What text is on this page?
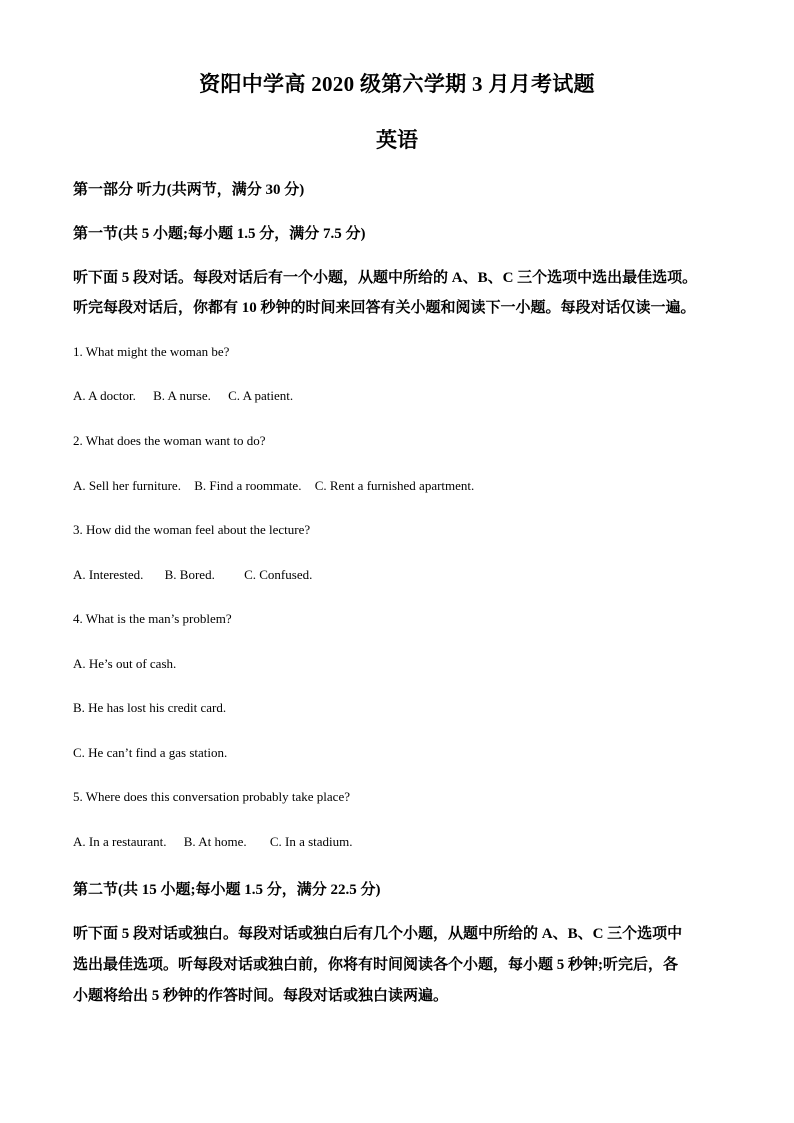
资阳中学高 2020 级第六学期 3 月月考试题
英语
第一部分 听力(共两节，满分 30 分)
第一节(共 5 小题;每小题 1.5 分，满分 7.5 分)
听下面 5 段对话。每段对话后有一个小题，从题中所给的 A、B、C 三个选项中选出最佳选项。
听完每段对话后，你都有 10 秒钟的时间来回答有关小题和阅读下一小题。每段对话仅读一遍。
1. What might the woman be?
A. A doctor. B. A nurse. C. A patient.
2. What does the woman want to do?
A. Sell her furniture. B. Find a roommate. C. Rent a furnished apartment.
3. How did the woman feel about the lecture?
A. Interested. B. Bored. C. Confused.
4. What is the man’s problem?
A. He’s out of cash.
B. He has lost his credit card.
C. He can’t find a gas station.
5. Where does this conversation probably take place?
A. In a restaurant. B. At home. C. In a stadium.
第二节(共 15 小题;每小题 1.5 分，满分 22.5 分)
听下面 5 段对话或独白。每段对话或独白后有几个小题，从题中所给的 A、B、C 三个选项中
选出最佳选项。听每段对话或独白前，你将有时间阅读各个小题，每小题 5 秒钟;听完后，各
小题将给出 5 秒钟的作答时间。每段对话或独白读两遍。
